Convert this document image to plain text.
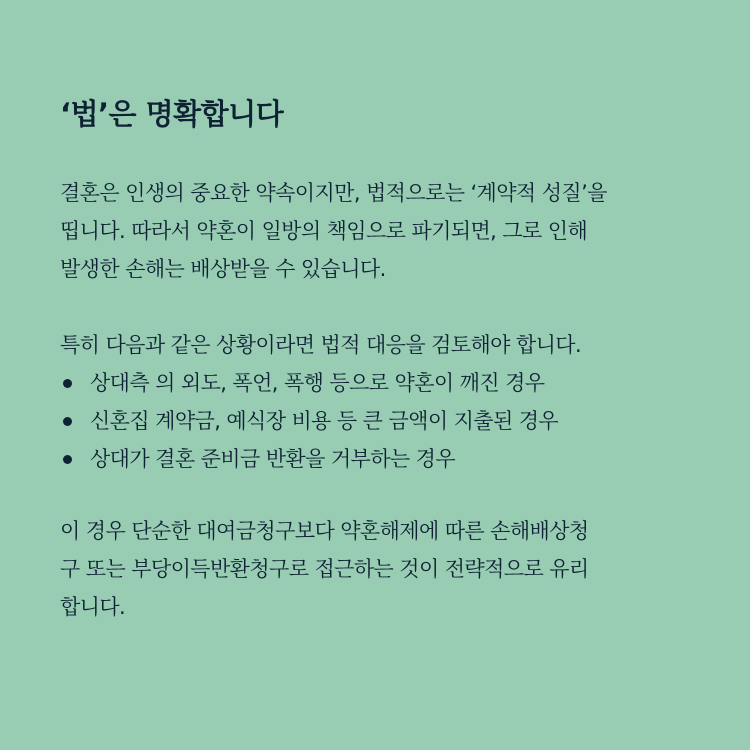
‘법’은 명확합니다

결혼은 인생의 중요한 약속이지만, 법적으로는 ‘계약적 성질’을
띱니다. 따라서 약혼이 일방의 책임으로 파기되면, 그로 인해
발생한 손해는 배상받을 수 있습니다.

특히 다음과 같은 상황이라면 법적 대응을 검토해야 합니다.
상대측 의 외도, 폭언, 폭행 등으로 약혼이 깨진 경우
신혼집 계약금, 예식장 비용 등 큰 금액이 지출된 경우
상대가 결혼 준비금 반환을 거부하는 경우

이 경우 단순한 대여금청구보다 약혼해제에 따른 손해배상청
구 또는 부당이득반환청구로 접근하는 것이 전략적으로 유리
합니다.
